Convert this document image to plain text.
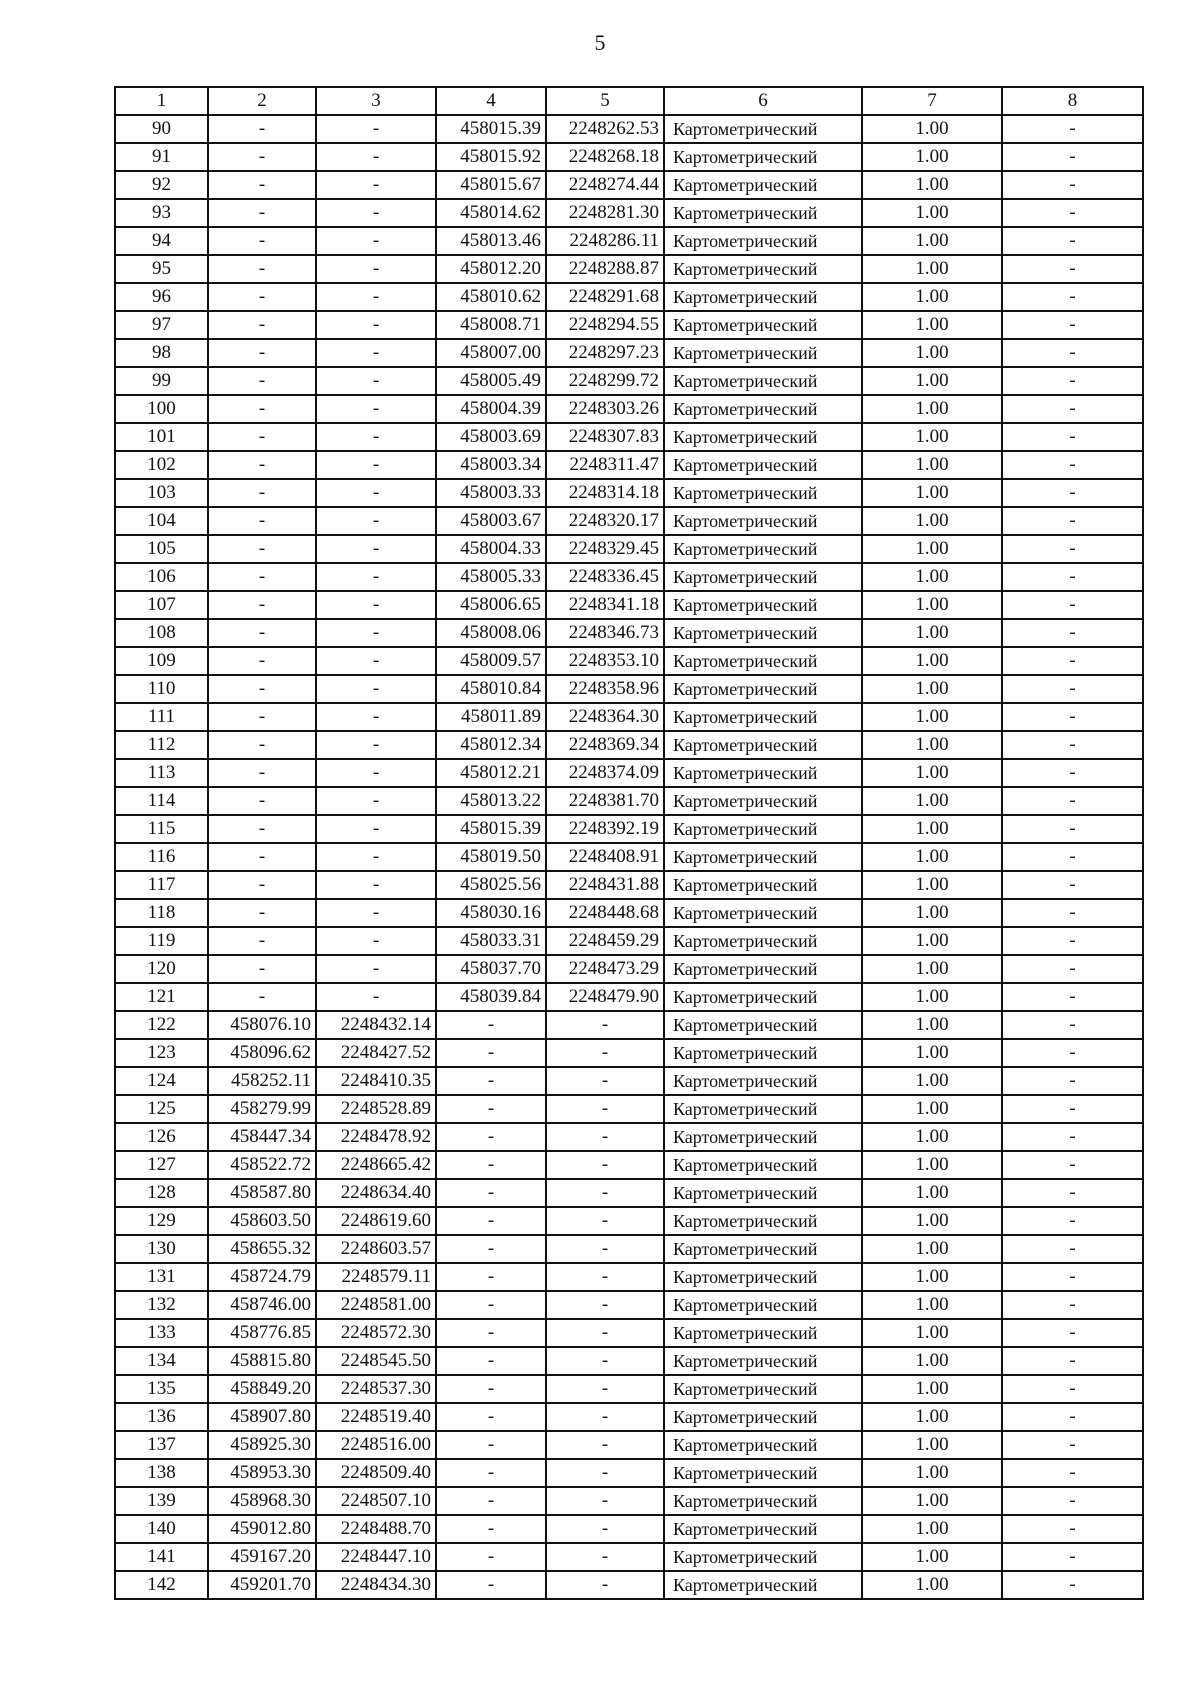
5
1	2	3	4	5	6	7	8
90	-	-	458015.39	2248262.53	Картометрический	1.00	-
91	-	-	458015.92	2248268.18	Картометрический	1.00	-
92	-	-	458015.67	2248274.44	Картометрический	1.00	-
93	-	-	458014.62	2248281.30	Картометрический	1.00	-
94	-	-	458013.46	2248286.11	Картометрический	1.00	-
95	-	-	458012.20	2248288.87	Картометрический	1.00	-
96	-	-	458010.62	2248291.68	Картометрический	1.00	-
97	-	-	458008.71	2248294.55	Картометрический	1.00	-
98	-	-	458007.00	2248297.23	Картометрический	1.00	-
99	-	-	458005.49	2248299.72	Картометрический	1.00	-
100	-	-	458004.39	2248303.26	Картометрический	1.00	-
101	-	-	458003.69	2248307.83	Картометрический	1.00	-
102	-	-	458003.34	2248311.47	Картометрический	1.00	-
103	-	-	458003.33	2248314.18	Картометрический	1.00	-
104	-	-	458003.67	2248320.17	Картометрический	1.00	-
105	-	-	458004.33	2248329.45	Картометрический	1.00	-
106	-	-	458005.33	2248336.45	Картометрический	1.00	-
107	-	-	458006.65	2248341.18	Картометрический	1.00	-
108	-	-	458008.06	2248346.73	Картометрический	1.00	-
109	-	-	458009.57	2248353.10	Картометрический	1.00	-
110	-	-	458010.84	2248358.96	Картометрический	1.00	-
111	-	-	458011.89	2248364.30	Картометрический	1.00	-
112	-	-	458012.34	2248369.34	Картометрический	1.00	-
113	-	-	458012.21	2248374.09	Картометрический	1.00	-
114	-	-	458013.22	2248381.70	Картометрический	1.00	-
115	-	-	458015.39	2248392.19	Картометрический	1.00	-
116	-	-	458019.50	2248408.91	Картометрический	1.00	-
117	-	-	458025.56	2248431.88	Картометрический	1.00	-
118	-	-	458030.16	2248448.68	Картометрический	1.00	-
119	-	-	458033.31	2248459.29	Картометрический	1.00	-
120	-	-	458037.70	2248473.29	Картометрический	1.00	-
121	-	-	458039.84	2248479.90	Картометрический	1.00	-
122	458076.10	2248432.14	-	-	Картометрический	1.00	-
123	458096.62	2248427.52	-	-	Картометрический	1.00	-
124	458252.11	2248410.35	-	-	Картометрический	1.00	-
125	458279.99	2248528.89	-	-	Картометрический	1.00	-
126	458447.34	2248478.92	-	-	Картометрический	1.00	-
127	458522.72	2248665.42	-	-	Картометрический	1.00	-
128	458587.80	2248634.40	-	-	Картометрический	1.00	-
129	458603.50	2248619.60	-	-	Картометрический	1.00	-
130	458655.32	2248603.57	-	-	Картометрический	1.00	-
131	458724.79	2248579.11	-	-	Картометрический	1.00	-
132	458746.00	2248581.00	-	-	Картометрический	1.00	-
133	458776.85	2248572.30	-	-	Картометрический	1.00	-
134	458815.80	2248545.50	-	-	Картометрический	1.00	-
135	458849.20	2248537.30	-	-	Картометрический	1.00	-
136	458907.80	2248519.40	-	-	Картометрический	1.00	-
137	458925.30	2248516.00	-	-	Картометрический	1.00	-
138	458953.30	2248509.40	-	-	Картометрический	1.00	-
139	458968.30	2248507.10	-	-	Картометрический	1.00	-
140	459012.80	2248488.70	-	-	Картометрический	1.00	-
141	459167.20	2248447.10	-	-	Картометрический	1.00	-
142	459201.70	2248434.30	-	-	Картометрический	1.00	-
